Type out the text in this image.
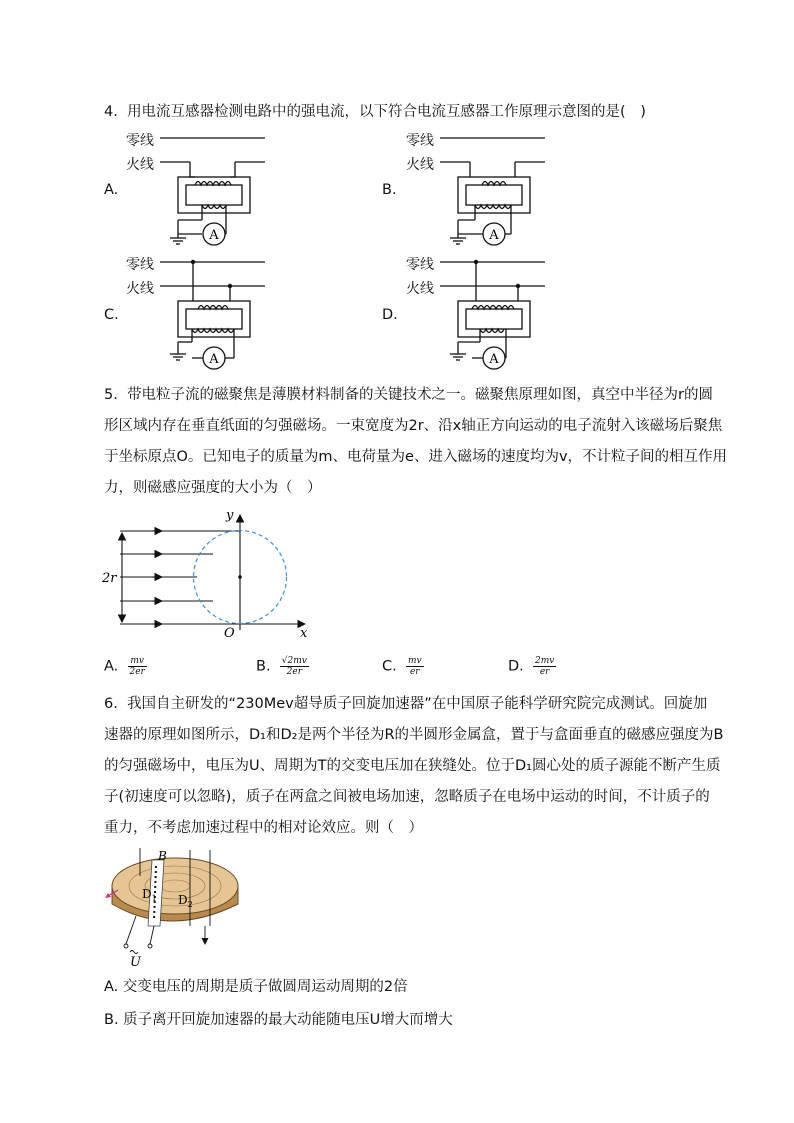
4. 用电流互感器检测电路中的强电流，以下符合电流互感器工作原理示意图的是(　)
A.	B.
C.	D.
零线
火线
零线
火线
零线
火线
零线
火线
A	A
A	A
5. 带电粒子流的磁聚焦是薄膜材料制备的关键技术之一。磁聚焦原理如图，真空中半径为r的圆
形区域内存在垂直纸面的匀强磁场。一束宽度为2r、沿x轴正方向运动的电子流射入该磁场后聚焦
于坐标原点O。已知电子的质量为m、电荷量为e、进入磁场的速度均为v，不计粒子间的相互作用
力，则磁感应强度的大小为（　）
y
x
O
2r
A. $\frac{mv}{2er}$	B. $\frac{√2mv}{2er}$	C. $\frac{mv}{er}$	D. $\frac{2mv}{er}$
6. 我国自主研发的“230Mev超导质子回旋加速器”在中国原子能科学研究院完成测试。回旋加
速器的原理如图所示，D₁和D₂是两个半径为R的半圆形金属盒，置于与盒面垂直的磁感应强度为B
的匀强磁场中，电压为U、周期为T的交变电压加在狭缝处。位于D₁圆心处的质子源能不断产生质
子(初速度可以忽略)，质子在两盒之间被电场加速，忽略质子在电场中运动的时间，不计质子的
重力，不考虑加速过程中的相对论效应。则（　）
B
$D_1$ $D_2$
U
A. 交变电压的周期是质子做圆周运动周期的2倍
B. 质子离开回旋加速器的最大动能随电压U增大而增大
